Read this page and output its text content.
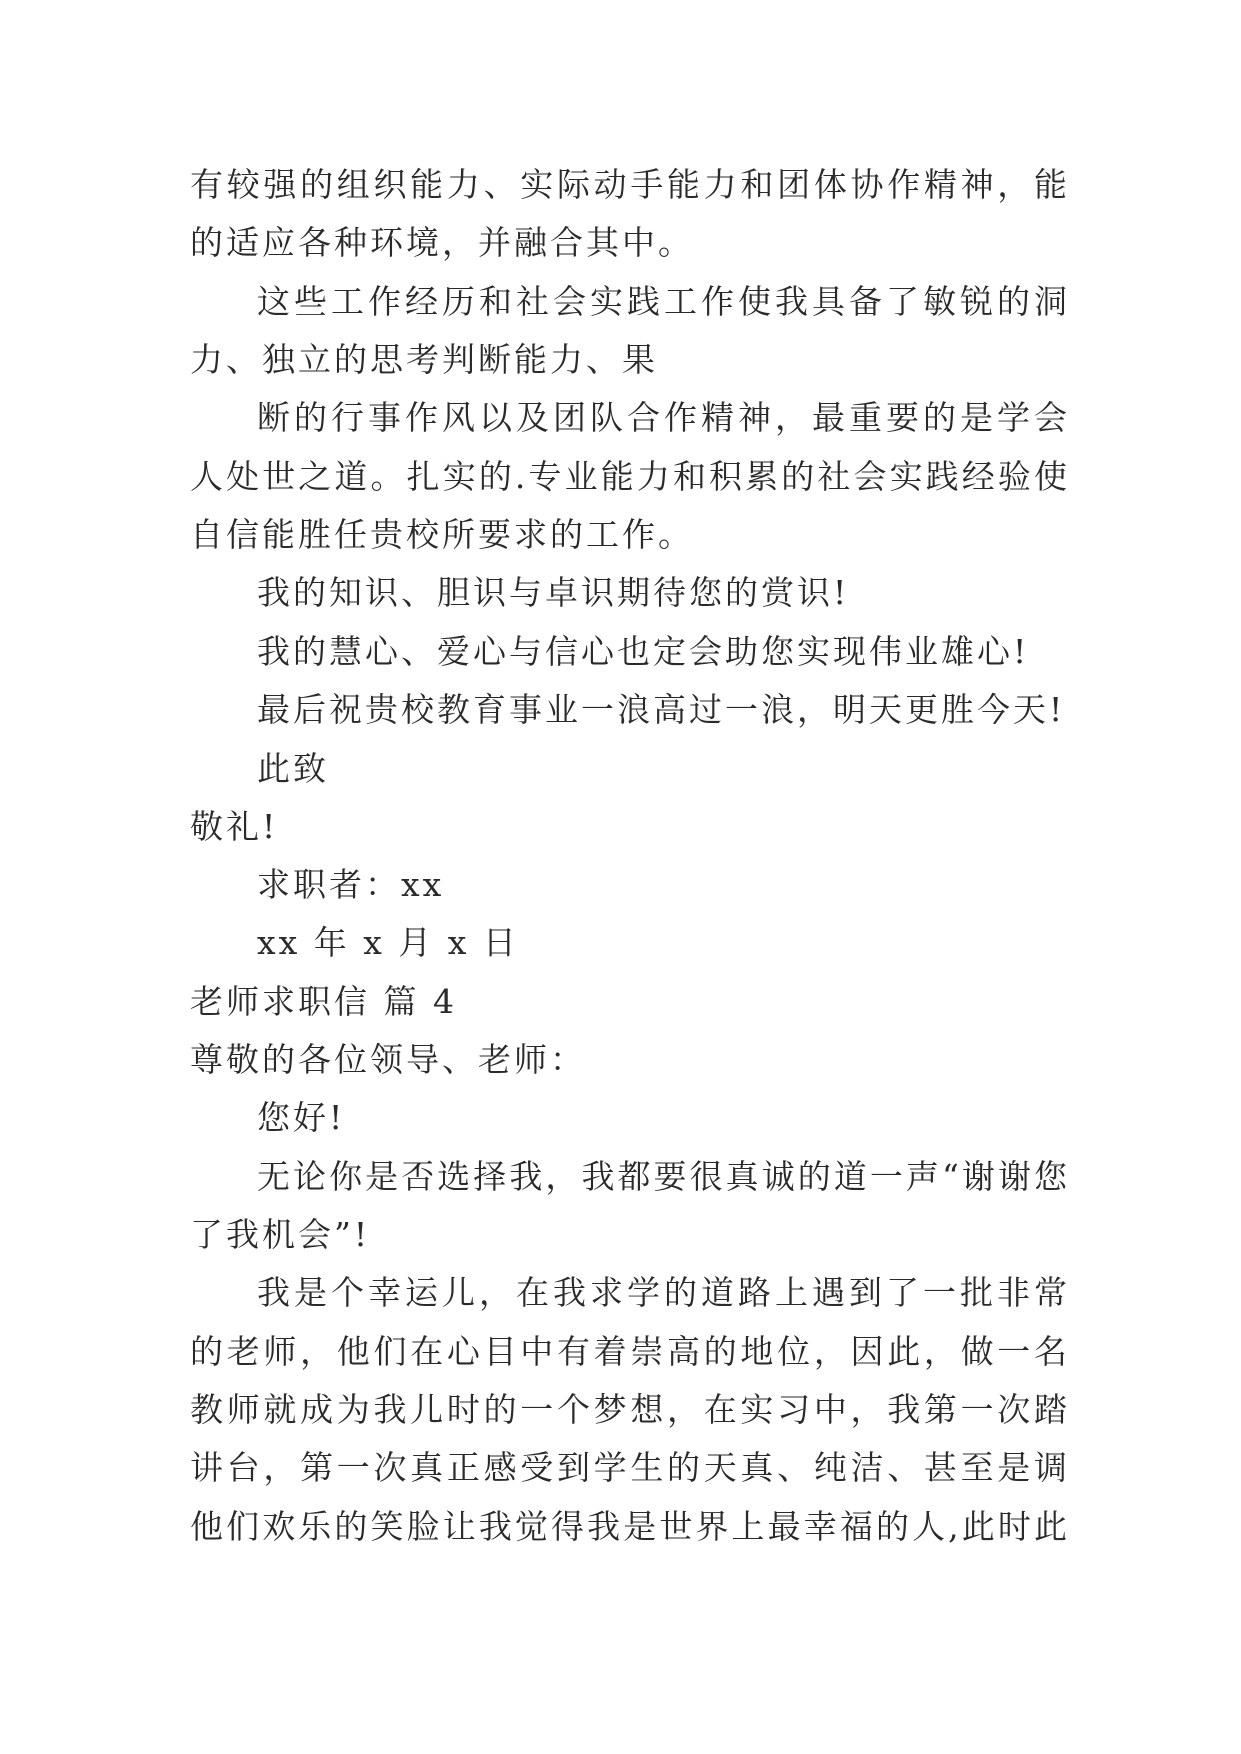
有较强的组织能力、实际动手能力和团体协作精神，能
的适应各种环境，并融合其中。
这些工作经历和社会实践工作使我具备了敏锐的洞
力、独立的思考判断能力、果
断的行事作风以及团队合作精神，最重要的是学会
人处世之道。扎实的.专业能力和积累的社会实践经验使
自信能胜任贵校所要求的工作。
我的知识、胆识与卓识期待您的赏识!
我的慧心、爱心与信心也定会助您实现伟业雄心!
最后祝贵校教育事业一浪高过一浪，明天更胜今天!
此致
敬礼!
求职者：xx
xx 年 x 月 x 日
老师求职信 篇 4
尊敬的各位领导、老师：
您好!
无论你是否选择我，我都要很真诚的道一声“谢谢您
了我机会”!
我是个幸运儿，在我求学的道路上遇到了一批非常
的老师，他们在心目中有着崇高的地位，因此，做一名
教师就成为我儿时的一个梦想，在实习中，我第一次踏
讲台，第一次真正感受到学生的天真、纯洁、甚至是调
他们欢乐的笑脸让我觉得我是世界上最幸福的人,此时此
